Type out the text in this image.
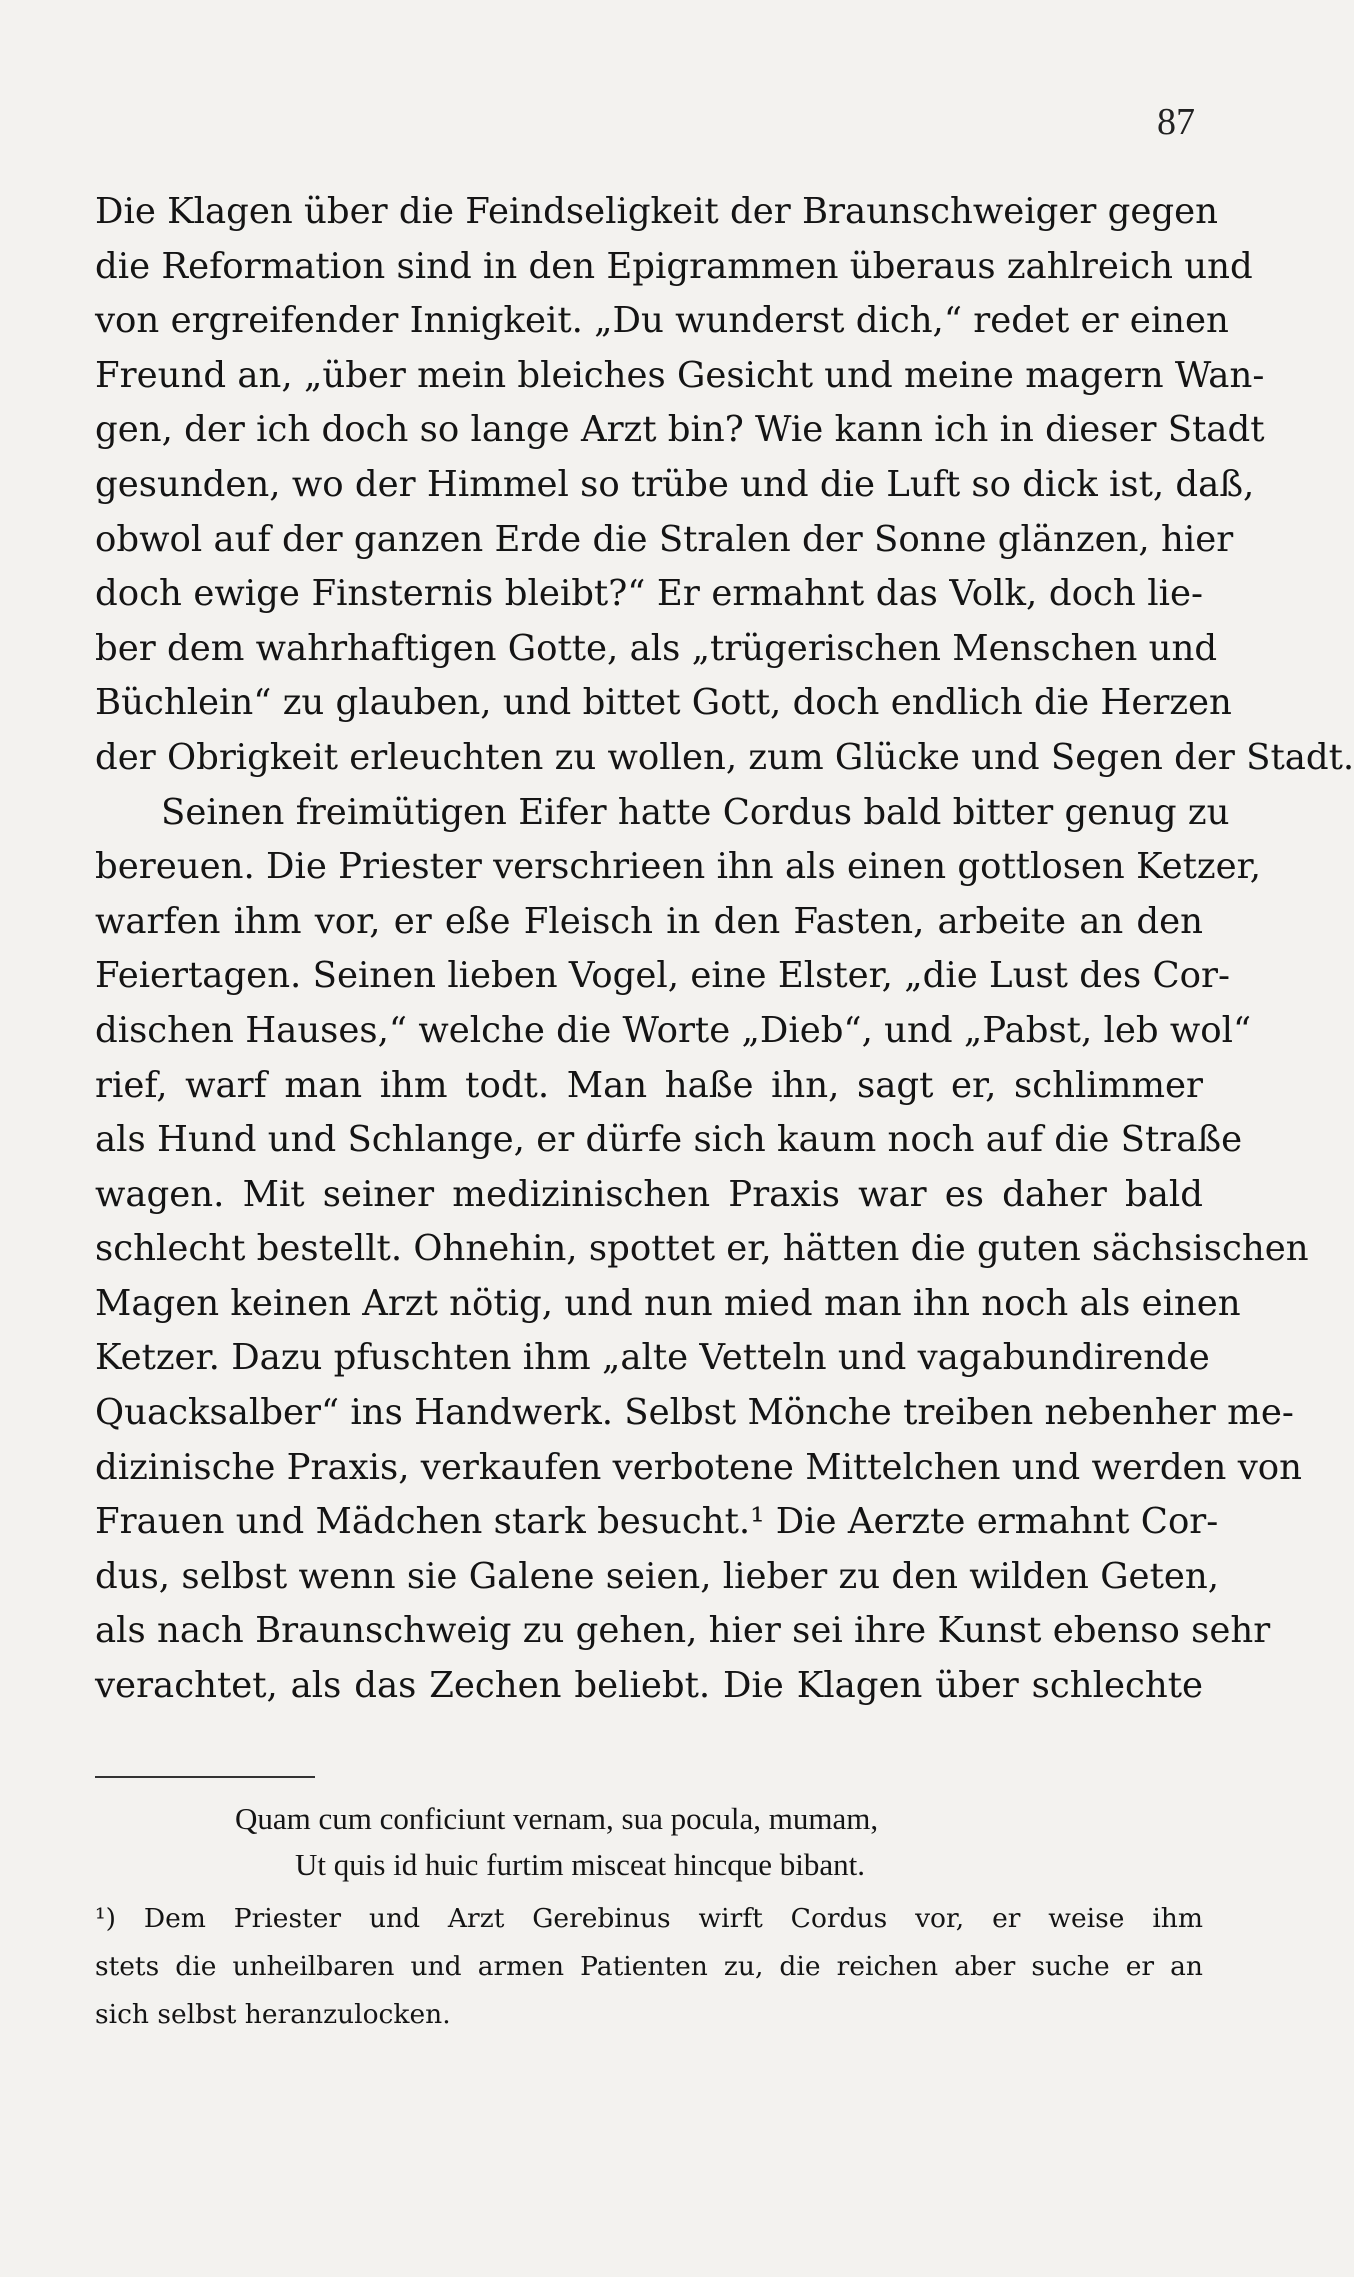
87
Die Klagen über die Feindseligkeit der Braunschweiger gegen
die Reformation sind in den Epigrammen überaus zahlreich und
von ergreifender Innigkeit. „Du wunderst dich,“ redet er einen
Freund an, „über mein bleiches Gesicht und meine magern Wan-
gen, der ich doch so lange Arzt bin? Wie kann ich in dieser Stadt
gesunden, wo der Himmel so trübe und die Luft so dick ist, daß,
obwol auf der ganzen Erde die Stralen der Sonne glänzen, hier
doch ewige Finsternis bleibt?“ Er ermahnt das Volk, doch lie-
ber dem wahrhaftigen Gotte, als „trügerischen Menschen und
Büchlein“ zu glauben, und bittet Gott, doch endlich die Herzen
der Obrigkeit erleuchten zu wollen, zum Glücke und Segen der Stadt.
Seinen freimütigen Eifer hatte Cordus bald bitter genug zu
bereuen. Die Priester verschrieen ihn als einen gottlosen Ketzer,
warfen ihm vor, er eße Fleisch in den Fasten, arbeite an den
Feiertagen. Seinen lieben Vogel, eine Elster, „die Lust des Cor-
dischen Hauses,“ welche die Worte „Dieb“, und „Pabst, leb wol“
rief, warf man ihm todt. Man haße ihn, sagt er, schlimmer
als Hund und Schlange, er dürfe sich kaum noch auf die Straße
wagen. Mit seiner medizinischen Praxis war es daher bald
schlecht bestellt. Ohnehin, spottet er, hätten die guten sächsischen
Magen keinen Arzt nötig, und nun mied man ihn noch als einen
Ketzer. Dazu pfuschten ihm „alte Vetteln und vagabundirende
Quacksalber“ ins Handwerk. Selbst Mönche treiben nebenher me-
dizinische Praxis, verkaufen verbotene Mittelchen und werden von
Frauen und Mädchen stark besucht.¹ Die Aerzte ermahnt Cor-
dus, selbst wenn sie Galene seien, lieber zu den wilden Geten,
als nach Braunschweig zu gehen, hier sei ihre Kunst ebenso sehr
verachtet, als das Zechen beliebt. Die Klagen über schlechte
Quam cum conficiunt vernam, sua pocula, mumam,
Ut quis id huic furtim misceat hincque bibant.
¹) Dem Priester und Arzt Gerebinus wirft Cordus vor, er weise ihm
stets die unheilbaren und armen Patienten zu, die reichen aber suche er an
sich selbst heranzulocken.
